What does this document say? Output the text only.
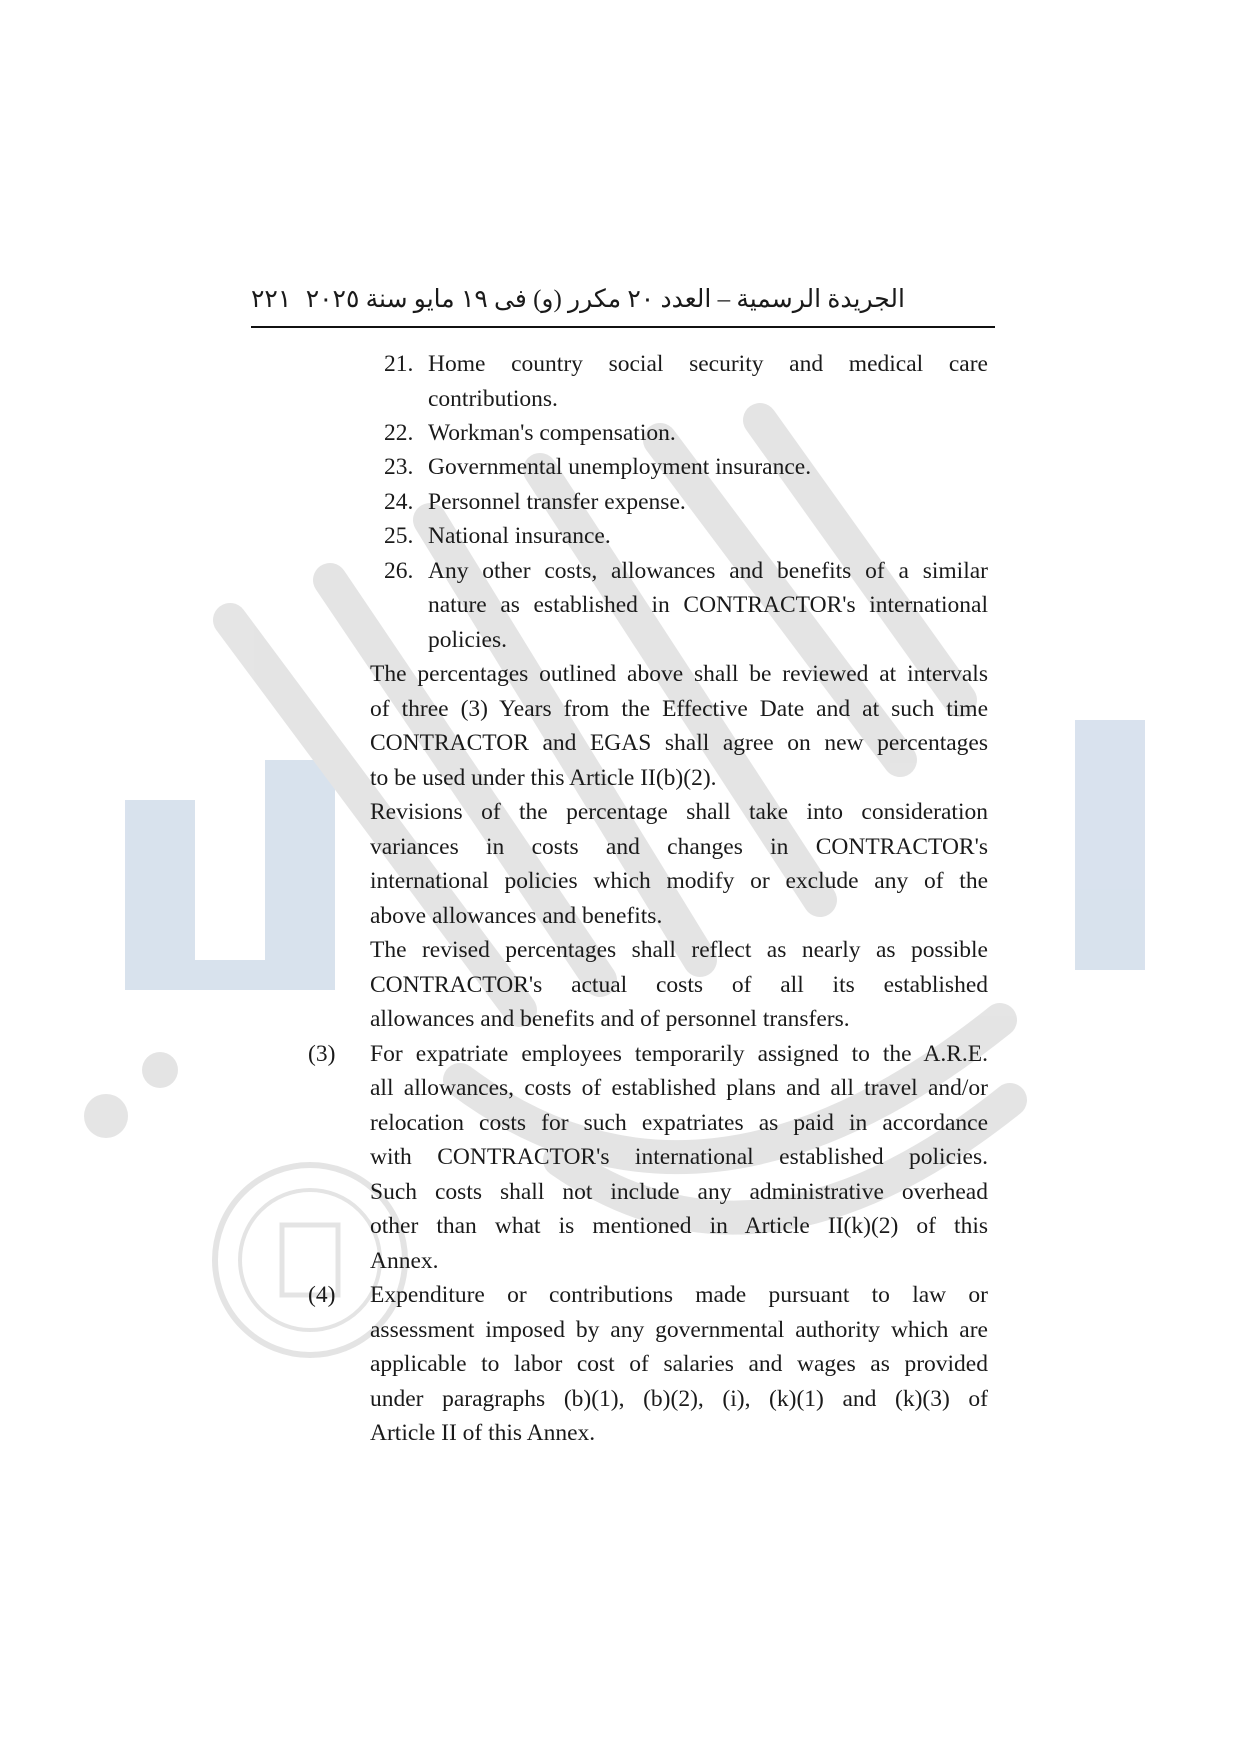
الجريدة الرسمية – العدد ٢٠ مكرر (و) فى ١٩ مايو سنة ٢٠٢٥
٢٢١
21. Home country social security and medical care
contributions.
22. Workman's compensation.
23. Governmental unemployment insurance.
24. Personnel transfer expense.
25. National insurance.
26. Any other costs, allowances and benefits of a similar
nature as established in CONTRACTOR's international
policies.
The percentages outlined above shall be reviewed at intervals
of three (3) Years from the Effective Date and at such time
CONTRACTOR and EGAS shall agree on new percentages
to be used under this Article II(b)(2).
Revisions of the percentage shall take into consideration
variances in costs and changes in CONTRACTOR's
international policies which modify or exclude any of the
above allowances and benefits.
The revised percentages shall reflect as nearly as possible
CONTRACTOR's actual costs of all its established
allowances and benefits and of personnel transfers.
(3) For expatriate employees temporarily assigned to the A.R.E.
all allowances, costs of established plans and all travel and/or
relocation costs for such expatriates as paid in accordance
with CONTRACTOR's international established policies.
Such costs shall not include any administrative overhead
other than what is mentioned in Article II(k)(2) of this
Annex.
(4) Expenditure or contributions made pursuant to law or
assessment imposed by any governmental authority which are
applicable to labor cost of salaries and wages as provided
under paragraphs (b)(1), (b)(2), (i), (k)(1) and (k)(3) of
Article II of this Annex.
